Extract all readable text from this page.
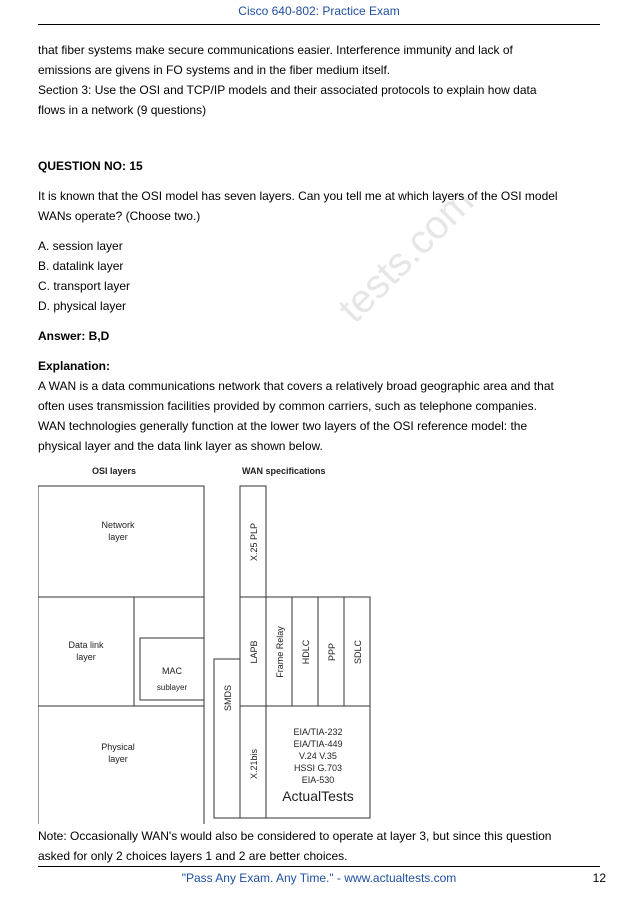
Cisco 640-802: Practice Exam
tests.com

that fiber systems make secure communications easier. Interference immunity and lack of

emissions are givens in FO systems and in the fiber medium itself.

Section 3: Use the OSI and TCP/IP models and their associated protocols to explain how data

flows in a network (9 questions)

QUESTION NO: 15

It is known that the OSI model has seven layers. Can you tell me at which layers of the OSI model

WANs operate? (Choose two.)

A. session layer

B. datalink layer

C. transport layer

D. physical layer

Answer: B,D

Explanation:

A WAN is a data communications network that covers a relatively broad geographic area and that

often uses transmission facilities provided by common carriers, such as telephone companies.

WAN technologies generally function at the lower two layers of the OSI reference model: the

physical layer and the data link layer as shown below.

OSI layers	WAN specifications
Network
layer
Data link
layer
MAC
sublayer
Physical
layer
X.25 PLP
LAPB Frame Relay HDLC PPP SDLC
SMDS
X.21bis
EIA/TIA-232
EIA/TIA-449
V.24 V.35
HSSI G.703
EIA-530
ActualTests

Note: Occasionally WAN's would also be considered to operate at layer 3, but since this question

asked for only 2 choices layers 1 and 2 are better choices.

"Pass Any Exam. Any Time." - www.actualtests.com	12
